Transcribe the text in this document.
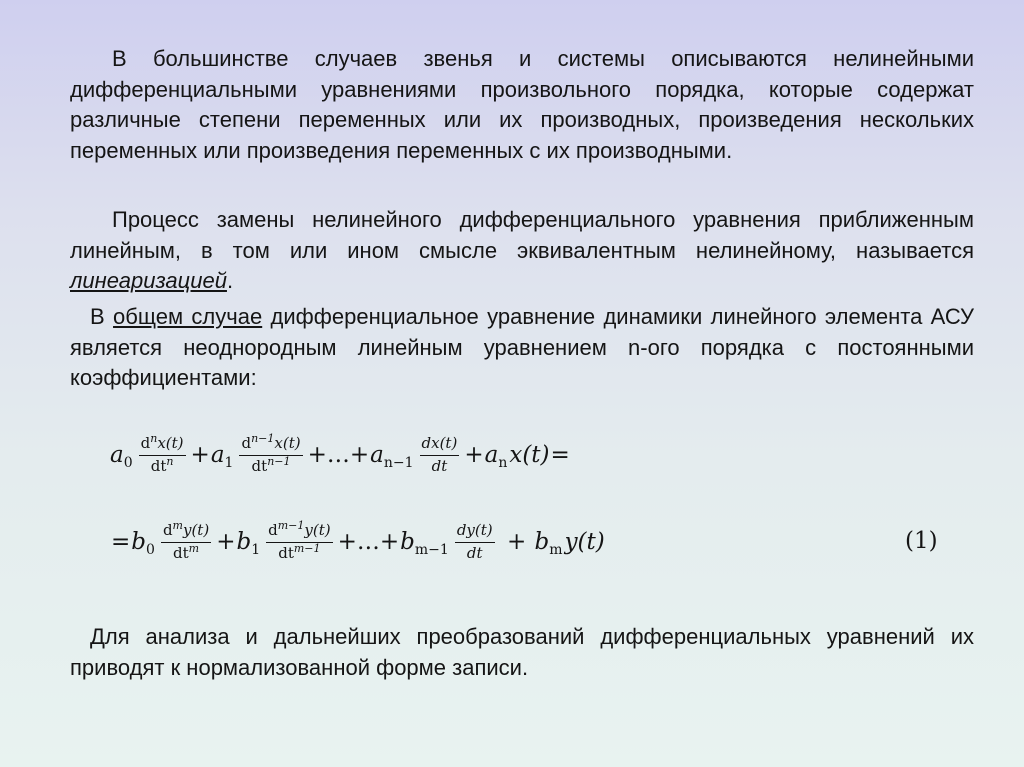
В большинстве случаев звенья и системы описываются нелинейными дифференциальными уравнениями произвольного порядка, которые содержат различные степени переменных или их производных, произведения нескольких переменных или произведения переменных с их производными.

Процесс замены нелинейного дифференциального уравнения приближенным линейным, в том или ином смысле эквивалентным нелинейному, называется линеаризацией.

В общем случае дифференциальное уравнение динамики линейного элемента АСУ является неоднородным линейным уравнением n-ого порядка с постоянными коэффициентами:

a $0 \frac{d^nx(t)}{dt^n} + a$ $1 \frac{d^{n-1}x(t)}{dt^{n-1}}$ +…+ a $n-1 \frac{dx(t)}{dt} + a$ n x(t) =
= b $0 \frac{d^my(t)}{dt^m} + b$ $1 \frac{d^{m-1}y(t)}{dt^{m-1}}$ +…+ b $m-1 \frac{dy(t)}{dt} + b$ m y(t)	(1)

Для анализа и дальнейших преобразований дифференциальных уравнений их приводят к нормализованной форме записи.
